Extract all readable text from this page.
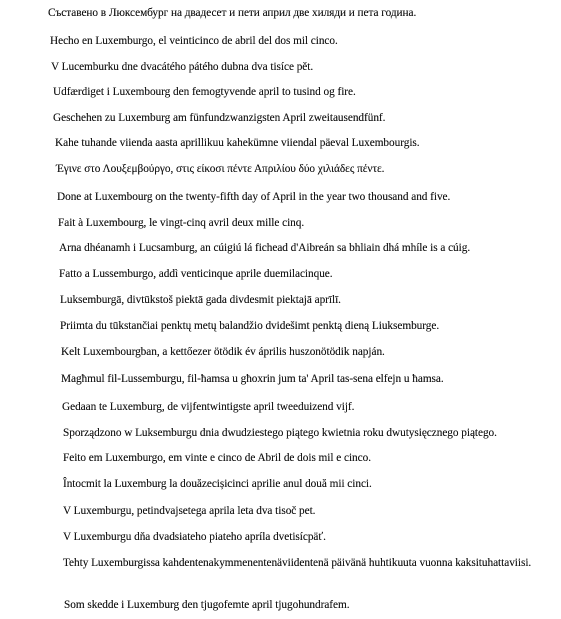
Съставено в Люксембург на двадесет и пети април две хиляди и пета година.
Hecho en Luxemburgo, el veinticinco de abril del dos mil cinco.
V Lucemburku dne dvacátého pátého dubna dva tisíce pět.
Udfærdiget i Luxembourg den femogtyvende april to tusind og fire.
Geschehen zu Luxemburg am fünfundzwanzigsten April zweitausendfünf.
Kahe tuhande viienda aasta aprillikuu kahekümne viiendal päeval Luxembourgis.
Έγινε στο Λουξεμβούργο, στις είκοσι πέντε Απριλίου δύο χιλιάδες πέντε.
Done at Luxembourg on the twenty-fifth day of April in the year two thousand and five.
Fait à Luxembourg, le vingt-cinq avril deux mille cinq.
Arna dhéanamh i Lucsamburg, an cúigiú lá fichead d'Aibreán sa bhliain dhá mhíle is a cúig.
Fatto a Lussemburgo, addì venticinque aprile duemilacinque.
Luksemburgā, divtūkstoš piektā gada divdesmit piektajā aprīlī.
Priimta du tūkstančiai penktų metų balandžio dvidešimt penktą dieną Liuksemburge.
Kelt Luxembourgban, a kettőezer ötödik év április huszonötödik napján.
Magħmul fil-Lussemburgu, fil-ħamsa u għoxrin jum ta' April tas-sena elfejn u ħamsa.
Gedaan te Luxemburg, de vijfentwintigste april tweeduizend vijf.
Sporządzono w Luksemburgu dnia dwudziestego piątego kwietnia roku dwutysięcznego piątego.
Feito em Luxemburgo, em vinte e cinco de Abril de dois mil e cinco.
Întocmit la Luxemburg la douăzecișicinci aprilie anul două mii cinci.
V Luxemburgu, petindvajsetega aprila leta dva tisoč pet.
V Luxemburgu dňa dvadsiateho piateho apríla dvetisícpäť.
Tehty Luxemburgissa kahdentenakymmenentenäviidentenä päivänä huhtikuuta vuonna kaksituhattaviisi.
Som skedde i Luxemburg den tjugofemte april tjugohundrafem.
